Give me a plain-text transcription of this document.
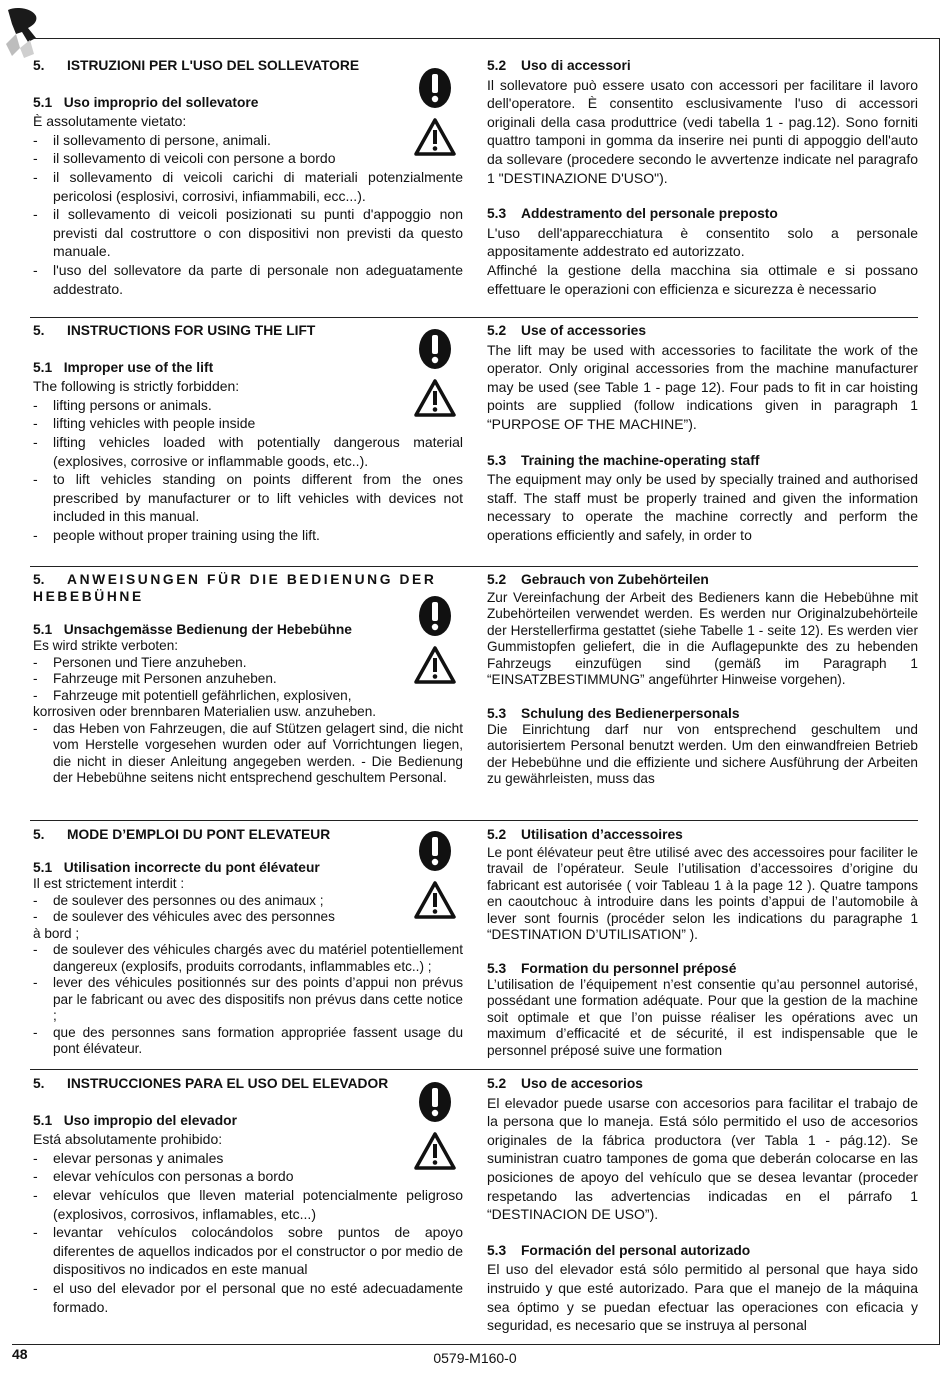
5. ISTRUZIONI PER L'USO DEL SOLLEVATORE
5.1 Uso improprio del sollevatore
È assolutamente vietato:
- il sollevamento di persone, animali.
- il sollevamento di veicoli con persone a bordo
- il sollevamento di veicoli carichi di materiali potenzialmente pericolosi (esplosivi, corrosivi, infiammabili, ecc...).
- il sollevamento di veicoli posizionati su punti d'appoggio non previsti dal costruttore o con dispositivi non previsti da questo manuale.
- l'uso del sollevatore da parte di personale non adeguatamente addestrato.
5.2 Uso di accessori
Il sollevatore può essere usato con accessori per facilitare il lavoro dell'operatore. È consentito esclusivamente l'uso di accessori originali della casa produttrice (vedi tabella 1 - pag.12). Sono forniti quattro tamponi in gomma da inserire nei punti di appoggio dell'auto da sollevare (procedere secondo le avvertenze indicate nel paragrafo 1 "DESTINAZIONE D'USO").
5.3 Addestramento del personale preposto
L'uso dell'apparecchiatura è consentito solo a personale appositamente addestrato ed autorizzato.
Affinché la gestione della macchina sia ottimale e si possano effettuare le operazioni con efficienza e sicurezza è necessario
5. INSTRUCTIONS FOR USING THE LIFT
5.1 Improper use of the lift
The following is strictly forbidden:
- lifting persons or animals.
- lifting vehicles with people inside
- lifting vehicles loaded with potentially dangerous material (explosives, corrosive or inflammable goods, etc..).
- to lift vehicles standing on points different from the ones prescribed by manufacturer or to lift vehicles with devices not included in this manual.
- people without proper training using the lift.
5.2 Use of accessories
The lift may be used with accessories to facilitate the work of the operator. Only original accessories from the machine manufacturer may be used (see Table 1 - page 12). Four pads to fit in car hoisting points are supplied (follow indications given in paragraph 1 “PURPOSE OF THE MACHINE”).
5.3 Training the machine-operating staff
The equipment may only be used by specially trained and authorised staff. The staff must be properly trained and given the information necessary to operate the machine correctly and perform the operations efficiently and safely, in order to
5. ANWEISUNGEN FÜR DIE BEDIENUNG DER HEBEBÜHNE
5.1 Unsachgemässe Bedienung der Hebebühne
Es wird strikte verboten:
- Personen und Tiere anzuheben.
- Fahrzeuge mit Personen anzuheben.
- Fahrzeuge mit potentiell gefährlichen, explosiven,
korrosiven oder brennbaren Materialien usw. anzuheben.
- das Heben von Fahrzeugen, die auf Stützen gelagert sind, die nicht vom Herstelle vorgesehen wurden oder auf Vorrichtungen liegen, die nicht in dieser Anleitung angegeben werden. - Die Bedienung der Hebebühne seitens nicht entsprechend geschultem Personal.
5.2 Gebrauch von Zubehörteilen
Zur Vereinfachung der Arbeit des Bedieners kann die Hebebühne mit Zubehörteilen verwendet werden. Es werden nur Originalzubehörteile der Herstellerfirma gestattet (siehe Tabelle 1 - seite 12). Es werden vier Gummistopfen geliefert, die in die Auflagepunkte des zu hebenden Fahrzeugs einzufügen sind (gemäß im Paragraph 1 “EINSATZBESTIMMUNG” angeführter Hinweise vorgehen).
5.3 Schulung des Bedienerpersonals
Die Einrichtung darf nur von entsprechend geschultem und autorisiertem Personal benutzt werden. Um den einwandfreien Betrieb der Hebebühne und die effiziente und sichere Ausführung der Arbeiten zu gewährleisten, muss das
5. MODE D’EMPLOI DU PONT ELEVATEUR
5.1 Utilisation incorrecte du pont élévateur
Il est strictement interdit :
- de soulever des personnes ou des animaux ;
- de soulever des véhicules avec des personnes
à bord ;
- de soulever des véhicules chargés avec du matériel potentiellement dangereux (explosifs, produits corrodants, inflammables etc..) ;
- lever des véhicules positionnés sur des points d’appui non prévus par le fabricant ou avec des dispositifs non prévus dans cette notice ;
- que des personnes sans formation appropriée fassent usage du pont élévateur.
5.2 Utilisation d’accessoires
Le pont élévateur peut être utilisé avec des accessoires pour faciliter le travail de l’opérateur. Seule l’utilisation d’accessoires d’origine du fabricant est autorisée ( voir Tableau 1 à la page 12 ). Quatre tampons en caoutchouc à introduire dans les points d’appui de l’automobile à lever sont fournis (procéder selon les indications du paragraphe 1 “DESTINATION D’UTILISATION” ).
5.3 Formation du personnel préposé
L’utilisation de l’équipement n’est consentie qu’au personnel autorisé, possédant une formation adéquate. Pour que la gestion de la machine soit optimale et que l’on puisse réaliser les opérations avec un maximum d’efficacité et de sécurité, il est indispensable que le personnel préposé suive une formation
5. INSTRUCCIONES PARA EL USO DEL ELEVADOR
5.1 Uso impropio del elevador
Está absolutamente prohibido:
- elevar personas y animales
- elevar vehículos con personas a bordo
- elevar vehículos que lleven material potencialmente peligroso (explosivos, corrosivos, inflamables, etc...)
- levantar vehículos colocándolos sobre puntos de apoyo diferentes de aquellos indicados por el constructor o por medio de dispositivos no indicados en este manual
- el uso del elevador por el personal que no esté adecuadamente formado.
5.2 Uso de accesorios
El elevador puede usarse con accesorios para facilitar el trabajo de la persona que lo maneja. Está sólo permitido el uso de accesorios originales de la fábrica productora (ver Tabla 1 - pág.12). Se suministran cuatro tampones de goma que deberán colocarse en las posiciones de apoyo del vehículo que se desea levantar (proceder respetando las advertencias indicadas en el párrafo 1 “DESTINACION DE USO”).
5.3 Formación del personal autorizado
El uso del elevador está sólo permitido al personal que haya sido instruido y que esté autorizado. Para que el manejo de la máquina sea óptimo y se puedan efectuar las operaciones con eficacia y seguridad, es necesario que se instruya al personal
48	0579-M160-0
